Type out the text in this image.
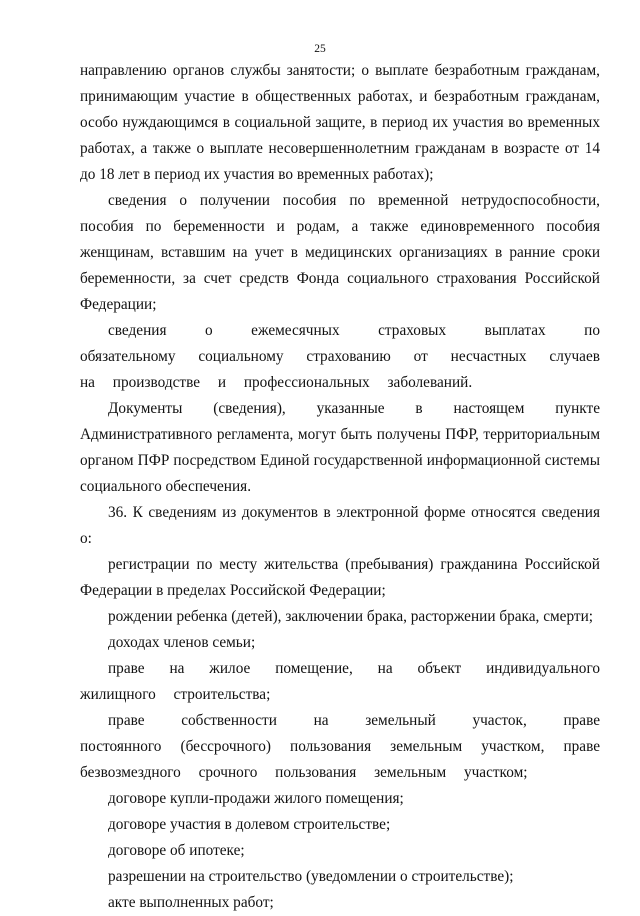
25

направлению органов службы занятости; о выплате безработным гражданам, принимающим участие в общественных работах, и безработным гражданам, особо нуждающимся в социальной защите, в период их участия во временных работах, а также о выплате несовершеннолетним гражданам в возрасте от 14 до 18 лет в период их участия во временных работах);

сведения о получении пособия по временной нетрудоспособности, пособия по беременности и родам, а также единовременного пособия женщинам, вставшим на учет в медицинских организациях в ранние сроки беременности, за счет средств Фонда социального страхования Российской Федерации;

сведения о ежемесячных страховых выплатах по обязательному социальному страхованию от несчастных случаев на производстве и профессиональных заболеваний.

Документы (сведения), указанные в настоящем пункте Административного регламента, могут быть получены ПФР, территориальным органом ПФР посредством Единой государственной информационной системы социального обеспечения.

36. К сведениям из документов в электронной форме относятся сведения о:

регистрации по месту жительства (пребывания) гражданина Российской Федерации в пределах Российской Федерации;

рождении ребенка (детей), заключении брака, расторжении брака, смерти;

доходах членов семьи;

праве на жилое помещение, на объект индивидуального жилищного строительства;

праве собственности на земельный участок, праве постоянного (бессрочного) пользования земельным участком, праве безвозмездного срочного пользования земельным участком;

договоре купли-продажи жилого помещения;

договоре участия в долевом строительстве;

договоре об ипотеке;

разрешении на строительство (уведомлении о строительстве);

акте выполненных работ;
